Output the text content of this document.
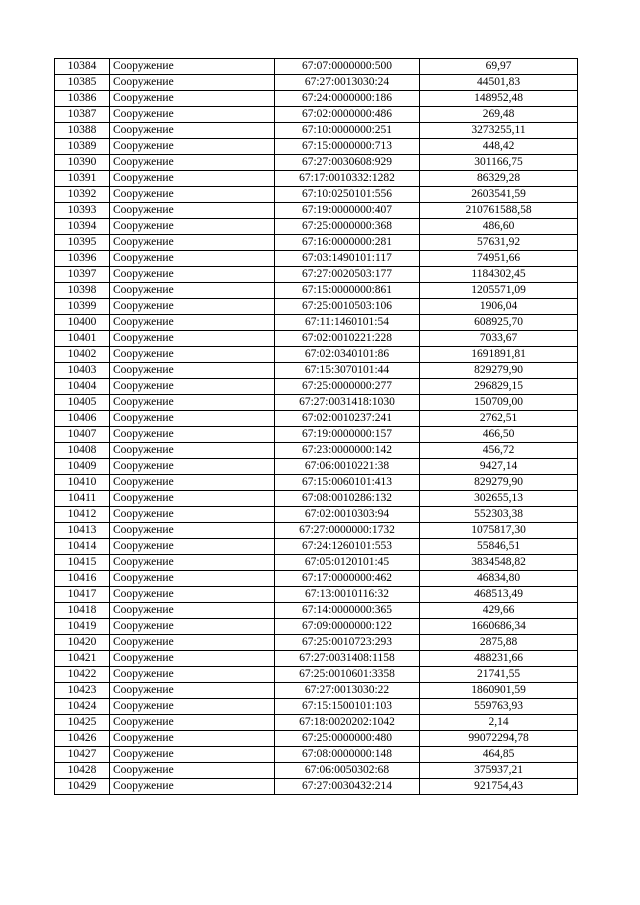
10384	Сооружение	67:07:0000000:500	69,97
10385	Сооружение	67:27:0013030:24	44501,83
10386	Сооружение	67:24:0000000:186	148952,48
10387	Сооружение	67:02:0000000:486	269,48
10388	Сооружение	67:10:0000000:251	3273255,11
10389	Сооружение	67:15:0000000:713	448,42
10390	Сооружение	67:27:0030608:929	301166,75
10391	Сооружение	67:17:0010332:1282	86329,28
10392	Сооружение	67:10:0250101:556	2603541,59
10393	Сооружение	67:19:0000000:407	210761588,58
10394	Сооружение	67:25:0000000:368	486,60
10395	Сооружение	67:16:0000000:281	57631,92
10396	Сооружение	67:03:1490101:117	74951,66
10397	Сооружение	67:27:0020503:177	1184302,45
10398	Сооружение	67:15:0000000:861	1205571,09
10399	Сооружение	67:25:0010503:106	1906,04
10400	Сооружение	67:11:1460101:54	608925,70
10401	Сооружение	67:02:0010221:228	7033,67
10402	Сооружение	67:02:0340101:86	1691891,81
10403	Сооружение	67:15:3070101:44	829279,90
10404	Сооружение	67:25:0000000:277	296829,15
10405	Сооружение	67:27:0031418:1030	150709,00
10406	Сооружение	67:02:0010237:241	2762,51
10407	Сооружение	67:19:0000000:157	466,50
10408	Сооружение	67:23:0000000:142	456,72
10409	Сооружение	67:06:0010221:38	9427,14
10410	Сооружение	67:15:0060101:413	829279,90
10411	Сооружение	67:08:0010286:132	302655,13
10412	Сооружение	67:02:0010303:94	552303,38
10413	Сооружение	67:27:0000000:1732	1075817,30
10414	Сооружение	67:24:1260101:553	55846,51
10415	Сооружение	67:05:0120101:45	3834548,82
10416	Сооружение	67:17:0000000:462	46834,80
10417	Сооружение	67:13:0010116:32	468513,49
10418	Сооружение	67:14:0000000:365	429,66
10419	Сооружение	67:09:0000000:122	1660686,34
10420	Сооружение	67:25:0010723:293	2875,88
10421	Сооружение	67:27:0031408:1158	488231,66
10422	Сооружение	67:25:0010601:3358	21741,55
10423	Сооружение	67:27:0013030:22	1860901,59
10424	Сооружение	67:15:1500101:103	559763,93
10425	Сооружение	67:18:0020202:1042	2,14
10426	Сооружение	67:25:0000000:480	99072294,78
10427	Сооружение	67:08:0000000:148	464,85
10428	Сооружение	67:06:0050302:68	375937,21
10429	Сооружение	67:27:0030432:214	921754,43
